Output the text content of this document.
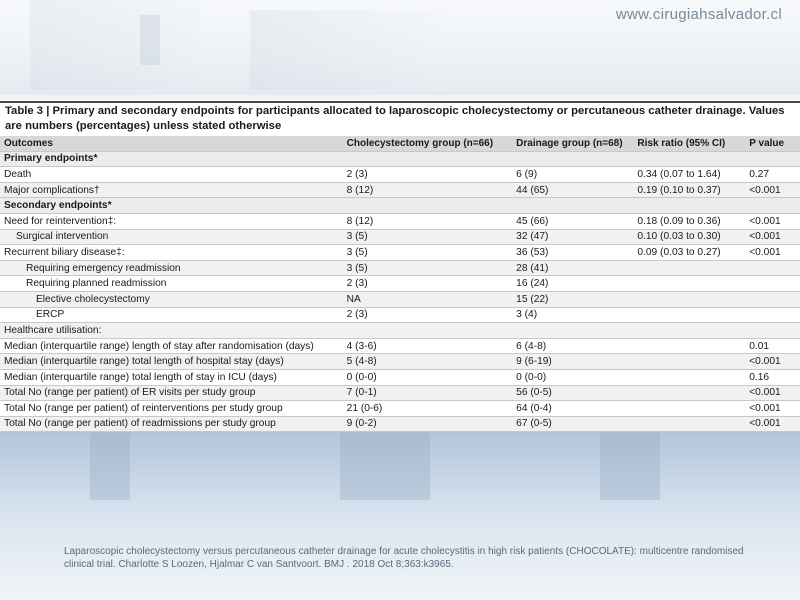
www.cirugiahsalvador.cl
Table 3 | Primary and secondary endpoints for participants allocated to laparoscopic cholecystectomy or percutaneous catheter drainage. Values are numbers (percentages) unless stated otherwise
Outcomes	Cholecystectomy group (n=66)	Drainage group (n=68)	Risk ratio (95% CI)	P value
Primary endpoints*				
Death	2 (3)	6 (9)	0.34 (0.07 to 1.64)	0.27
Major complications†	8 (12)	44 (65)	0.19 (0.10 to 0.37)	<0.001
Secondary endpoints*				
Need for reintervention‡:	8 (12)	45 (66)	0.18 (0.09 to 0.36)	<0.001
Surgical intervention	3 (5)	32 (47)	0.10 (0.03 to 0.30)	<0.001
Recurrent biliary disease‡:	3 (5)	36 (53)	0.09 (0.03 to 0.27)	<0.001
Requiring emergency readmission	3 (5)	28 (41)		
Requiring planned readmission	2 (3)	16 (24)		
Elective cholecystectomy	NA	15 (22)		
ERCP	2 (3)	3 (4)		
Healthcare utilisation:				
Median (interquartile range) length of stay after randomisation (days)	4 (3-6)	6 (4-8)		0.01
Median (interquartile range) total length of hospital stay (days)	5 (4-8)	9 (6-19)		<0.001
Median (interquartile range) total length of stay in ICU (days)	0 (0-0)	0 (0-0)		0.16
Total No (range per patient) of ER visits per study group	7 (0-1)	56 (0-5)		<0.001
Total No (range per patient) of reinterventions per study group	21 (0-6)	64 (0-4)		<0.001
Total No (range per patient) of readmissions per study group	9 (0-2)	67 (0-5)		<0.001
Laparoscopic cholecystectomy versus percutaneous catheter drainage for acute cholecystitis in high risk patients (CHOCOLATE): multicentre randomised clinical trial. Charlotte S Loozen, Hjalmar C van Santvoort. BMJ . 2018 Oct 8;363:k3965.
